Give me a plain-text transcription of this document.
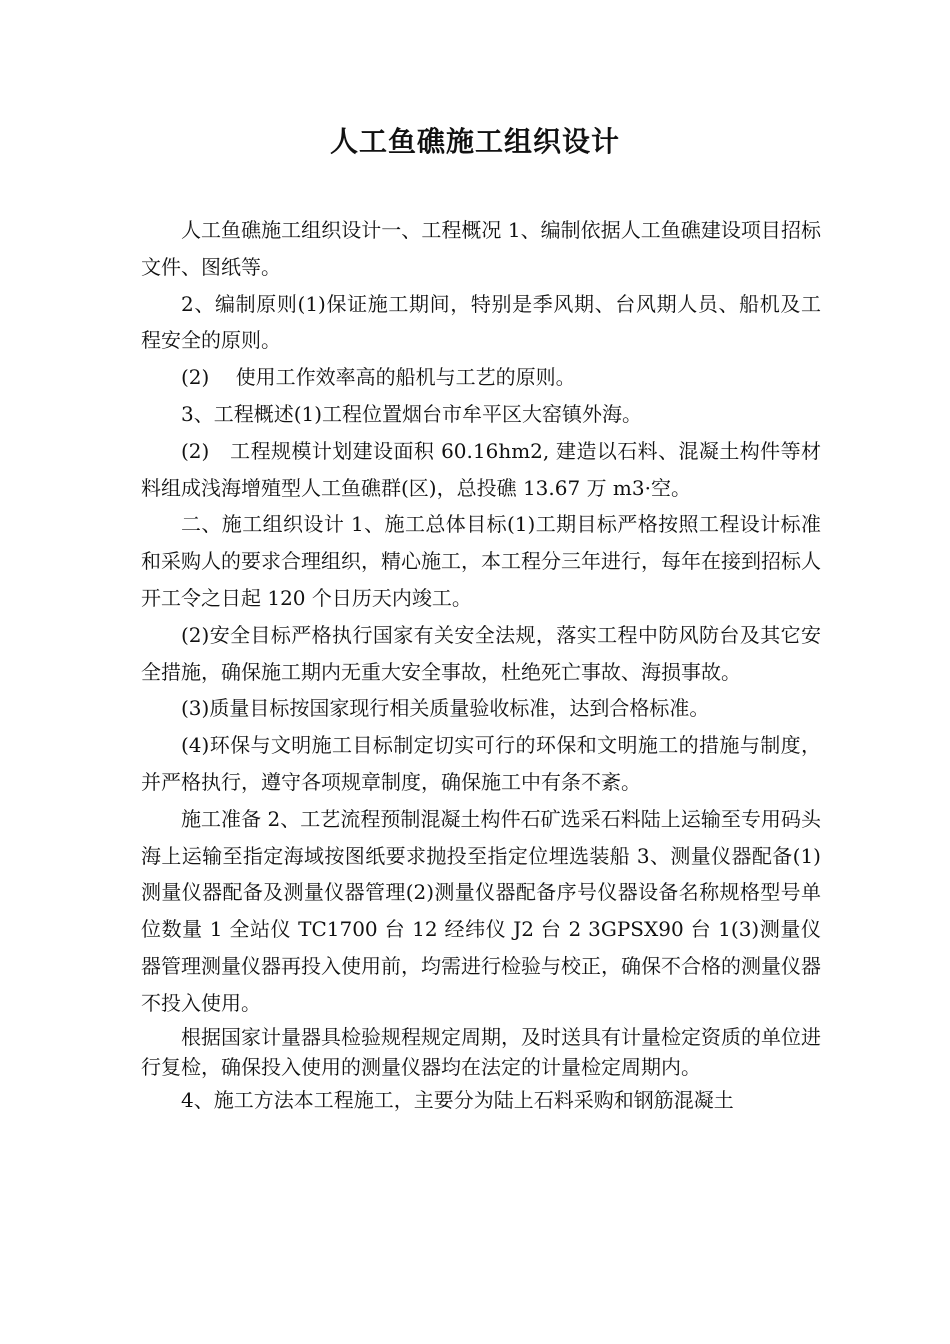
人工鱼礁施工组织设计

人工鱼礁施工组织设计一、工程概况 1、编制依据人工鱼礁建设项目招标文件、图纸等。

2、编制原则(1)保证施工期间，特别是季风期、台风期人员、船机及工程安全的原则。

(2)　 使用工作效率高的船机与工艺的原则。

3、工程概述(1)工程位置烟台市牟平区大窑镇外海。

(2)　工程规模计划建设面积 60.16hm2, 建造以石料、混凝土构件等材料组成浅海增殖型人工鱼礁群(区)，总投礁 13.67 万 m3·空。

二、施工组织设计 1、施工总体目标(1)工期目标严格按照工程设计标准和采购人的要求合理组织，精心施工，本工程分三年进行，每年在接到招标人开工令之日起 120 个日历天内竣工。

(2)安全目标严格执行国家有关安全法规，落实工程中防风防台及其它安全措施，确保施工期内无重大安全事故，杜绝死亡事故、海损事故。

(3)质量目标按国家现行相关质量验收标准，达到合格标准。

(4)环保与文明施工目标制定切实可行的环保和文明施工的措施与制度，并严格执行，遵守各项规章制度，确保施工中有条不紊。

施工准备 2、工艺流程预制混凝土构件石矿选采石料陆上运输至专用码头海上运输至指定海域按图纸要求抛投至指定位埋选装船 3、测量仪器配备(1)测量仪器配备及测量仪器管理(2)测量仪器配备序号仪器设备名称规格型号单位数量 1 全站仪 TC1700 台 12 经纬仪 J2 台 2 3GPSX90 台 1(3)测量仪器管理测量仪器再投入使用前，均需进行检验与校正，确保不合格的测量仪器不投入使用。

根据国家计量器具检验规程规定周期，及时送具有计量检定资质的单位进行复检，确保投入使用的测量仪器均在法定的计量检定周期内。

4、施工方法本工程施工，主要分为陆上石料采购和钢筋混凝土
